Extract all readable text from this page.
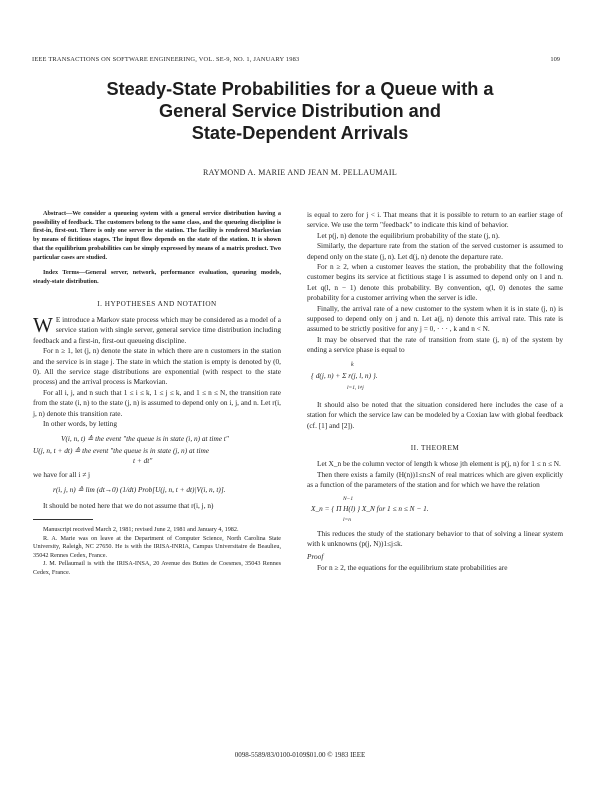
IEEE TRANSACTIONS ON SOFTWARE ENGINEERING, VOL. SE-9, NO. 1, JANUARY 1983	109
Steady-State Probabilities for a Queue with a
General Service Distribution and
State-Dependent Arrivals
RAYMOND A. MARIE AND JEAN M. PELLAUMAIL

Abstract—We consider a queueing system with a general service distribution having a possibility of feedback. The customers belong to the same class, and the queueing discipline is first-in, first-out. There is only one server in the station. The facility is rendered Markovian by means of fictitious stages. The input flow depends on the state of the station. It is shown that the equilibrium probabilities can be simply expressed by means of a matrix product. Two particular cases are studied.

Index Terms—General server, network, performance evaluation, queueing models, steady-state distribution.

I. HYPOTHESES AND NOTATION

W E introduce a Markov state process which may be considered as a model of a service station with single server, general service time distribution including feedback and a first-in, first-out queueing discipline.

For n ≥ 1, let (j, n) denote the state in which there are n customers in the station and the service is in stage j. The state in which the station is empty is denoted by (0, 0). All the service stage distributions are exponential (with respect to the state process) and the arrival process is Markovian.

For all i, j, and n such that 1 ≤ i ≤ k, 1 ≤ j ≤ k, and 1 ≤ n ≤ N, the transition rate from the state (i, n) to the state (j, n) is assumed to depend only on i, j, and n. Let r(i, j, n) denote this transition rate.

In other words, by letting

V(i, n, t) ≙ the event "the queue is in state (i, n) at time t"
U(j, n, t + dt) ≙ the event "the queue is in state (j, n) at time
t + dt"

we have for all i ≠ j

r(i, j, n) ≙ lim (dt→0) (1/dt) Prob[U(j, n, t + dt)|V(i, n, t)].

It should be noted here that we do not assume that r(i, j, n)

Manuscript received March 2, 1981; revised June 2, 1981 and January 4, 1982.

R. A. Marie was on leave at the Department of Computer Science, North Carolina State University, Raleigh, NC 27650. He is with the IRISA-INRIA, Campus Universitaire de Beaulieu, 35042 Rennes Cedex, France.

J. M. Pellaumail is with the IRISA-INSA, 20 Avenue des Buttes de Coesmes, 35043 Rennes Cedex, France.

is equal to zero for j < i. That means that it is possible to return to an earlier stage of service. We use the term "feedback" to indicate this kind of behavior.

Let p(j, n) denote the equilibrium probability of the state (j, n).

Similarly, the departure rate from the station of the served customer is assumed to depend only on the state (j, n). Let d(j, n) denote the departure rate.

For n ≥ 2, when a customer leaves the station, the probability that the following customer begins its service at fictitious stage l is assumed to depend only on l and n. Let q(l, n − 1) denote this probability. By convention, q(l, 0) denotes the same probability for a customer arriving when the server is idle.

Finally, the arrival rate of a new customer to the system when it is in state (j, n) is supposed to depend only on j and n. Let a(j, n) denote this arrival rate. This rate is assumed to be strictly positive for any j = 0, · · · , k and n < N.

It may be observed that the rate of transition from state (j, n) of the system by ending a service phase is equal to

k
{ d(j, n) + Σ r(j, l, n) }.
l=1, l≠j

It should also be noted that the situation considered here includes the case of a station for which the service law can be modeled by a Coxian law with global feedback (cf. [1] and [2]).

II. THEOREM

Let X_n be the column vector of length k whose jth element is p(j, n) for 1 ≤ n ≤ N.

Then there exists a family (H(n))1≤n≤N of real matrices which are given explicitly as a function of the parameters of the station and for which we have the relation

N−1
X_n = { Π H(l) } X_N for 1 ≤ n ≤ N − 1.
l=n

This reduces the study of the stationary behavior to that of solving a linear system with k unknowns (p(j, N))1≤j≤k.

Proof

For n ≥ 2, the equations for the equilibrium state probabilities are

0098-5589/83/0100-0109$01.00 © 1983 IEEE
